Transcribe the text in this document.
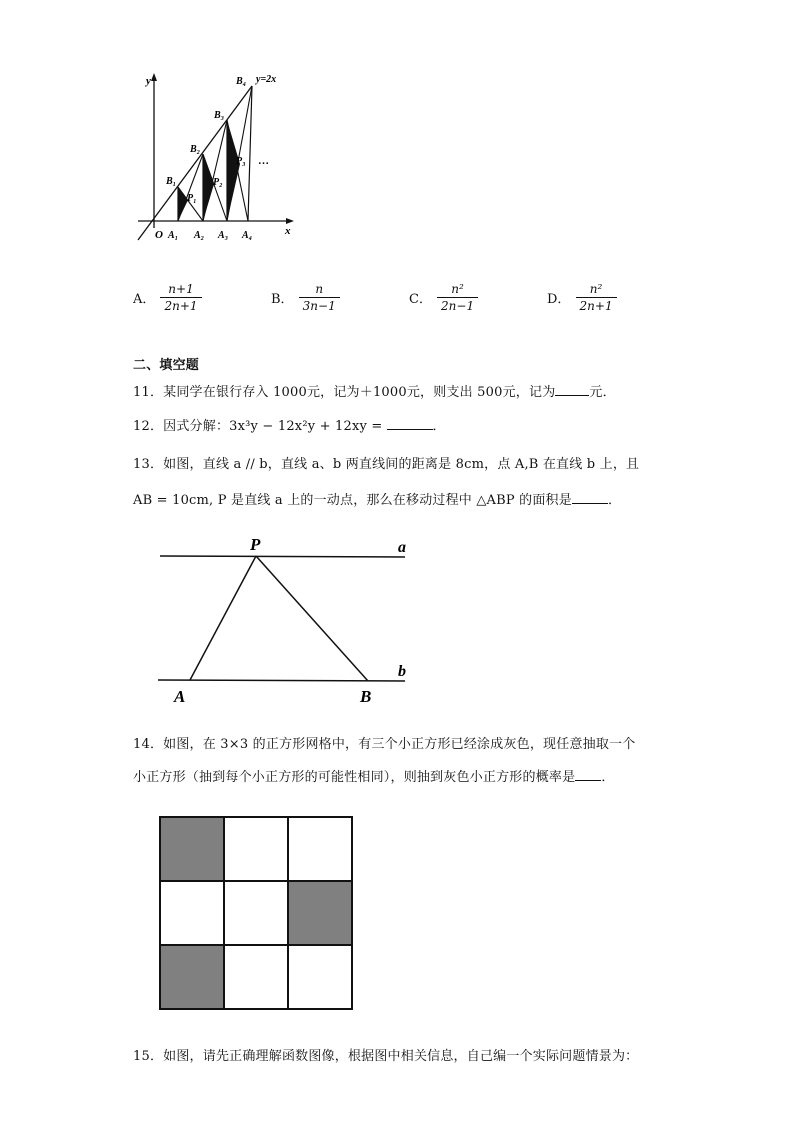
y
x
y=2x
O A₁ A₂ A₃ A₄
B₁
B₂
B₃
B₄
P₁
P₂
P₃ …
A． $\frac{n+1}{2n+1}$	B． $\frac{n}{3n-1}$	C． $\frac{\text{n²}}{2n-1}$	D． $\frac{\text{n²}}{2n+1}$
二、填空题
11．某同学在银行存入 1000元，记为＋1000元，则支出 500元，记为	元．
12．因式分解：3x³y − 12x²y + 12xy =	．
13．如图，直线 a // b，直线 a、b 两直线间的距离是 8cm，点 A,B 在直线 b 上，且
AB = 10cm, P 是直线 a 上的一动点，那么在移动过程中 △ABP 的面积是	．
P	a
b
A	B
14．如图，在 3×3 的正方形网格中，有三个小正方形已经涂成灰色，现任意抽取一个
小正方形（抽到每个小正方形的可能性相同），则抽到灰色小正方形的概率是 ．
15．如图，请先正确理解函数图像，根据图中相关信息，自己编一个实际问题情景为：
